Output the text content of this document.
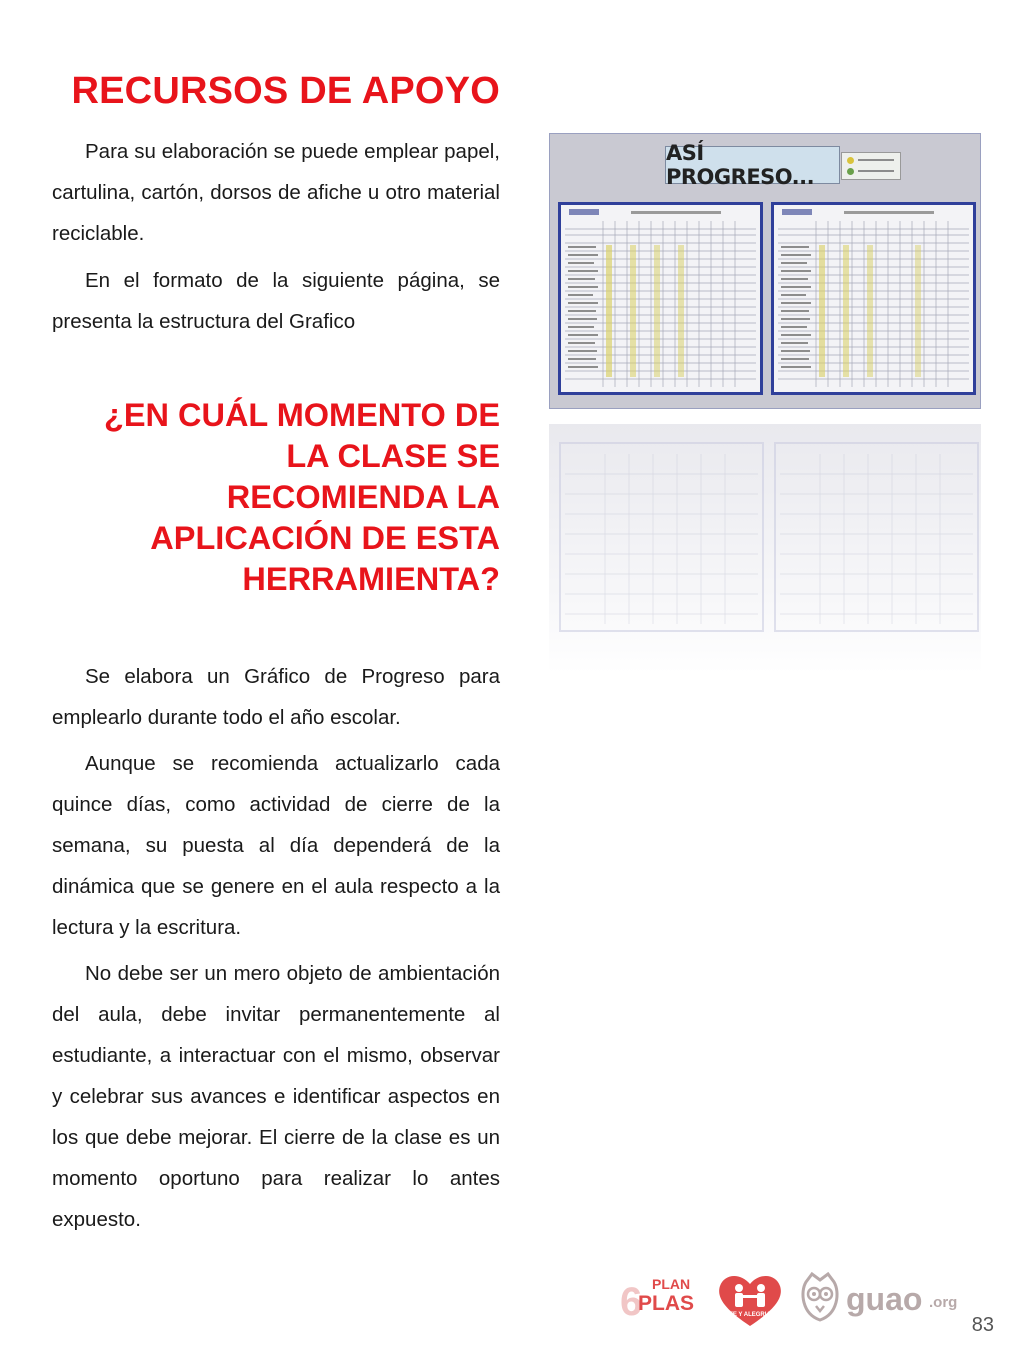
RECURSOS DE APOYO

Para su elaboración se puede emplear papel, cartulina, cartón, dorsos de afiche u otro material reciclable.

En el formato de la siguiente página, se presenta la estructura del Grafico

¿EN CUÁL MOMENTO DE LA CLASE SE RECOMIENDA LA APLICACIÓN DE ESTA HERRAMIENTA?

Se elabora un Gráfico de Progreso para emplearlo durante todo el año escolar.

Aunque se recomienda actualizarlo cada quince días, como actividad de cierre de la semana, su puesta al día dependerá de la dinámica que se genere en el aula respecto a la lectura y la escritura.

No debe ser un mero objeto de ambientación del aula, debe invitar permanentemente al estudiante, a interactuar con el mismo, observar y celebrar sus avances e identificar aspectos en los que debe mejorar. El cierre de la clase es un momento oportuno para realizar lo antes expuesto.

ASÍ PROGRESO...
6 PLAN
PLAS	FE Y ALEGRIA guao .org
83
